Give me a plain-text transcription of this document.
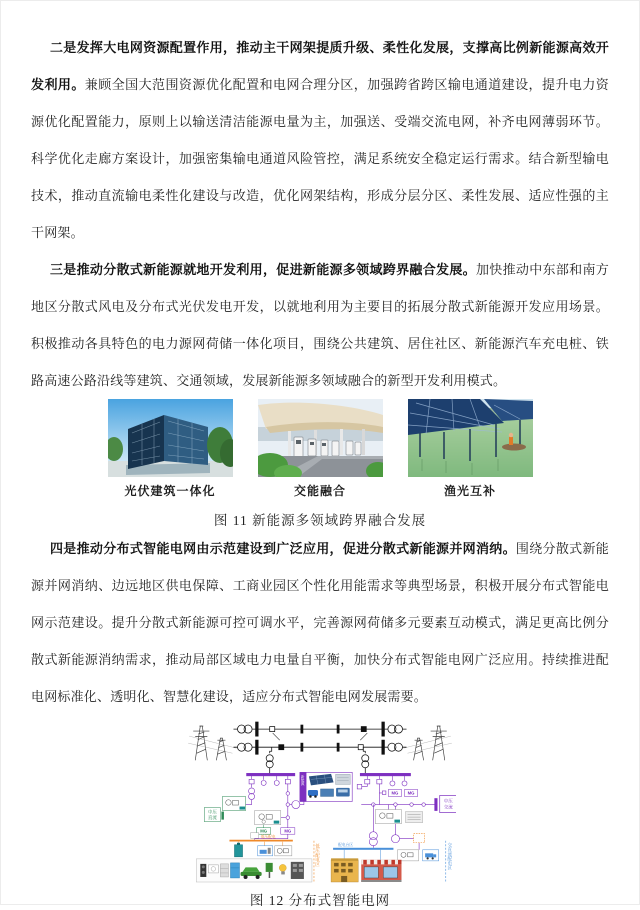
二是发挥大电网资源配置作用，推动主干网架提质升级、柔性化发展，支撑高比例新能源高效开发利用。兼顾全国大范围资源优化配置和电网合理分区，加强跨省跨区输电通道建设，提升电力资源优化配置能力，原则上以输送清洁能源电量为主，加强送、受端交流电网，补齐电网薄弱环节。科学优化走廊方案设计，加强密集输电通道风险管控，满足系统安全稳定运行需求。结合新型输电技术，推动直流输电柔性化建设与改造，优化网架结构，形成分层分区、柔性发展、适应性强的主干网架。

三是推动分散式新能源就地开发利用，促进新能源多领域跨界融合发展。加快推动中东部和南方地区分散式风电及分布式光伏发电开发，以就地利用为主要目的拓展分散式新能源开发应用场景。积极推动各具特色的电力源网荷储一体化项目，围绕公共建筑、居住社区、新能源汽车充电桩、铁路高速公路沿线等建筑、交通领域，发展新能源多领域融合的新型开发利用模式。

光伏建筑一体化	交能融合	渔光互补
图 11 新能源多领域跨界融合发展

四是推动分布式智能电网由示范建设到广泛应用，促进分散式新能源并网消纳。围绕分散式新能源并网消纳、边远地区供电保障、工商业园区个性化用能需求等典型场景，积极开展分布式智能电网示范建设。提升分散式新能源可控可调水平，完善源网荷储多元要素互动模式，满足更高比例分散式新能源消纳需求，推动局部区域电力电量自平衡，加快分布式智能电网广泛应用。持续推进配电网标准化、透明化、智慧化建设，适应分布式智能电网发展需要。

新能源
中压
直流
MG MG
MG MG
中压
交流
低压配电
低压配电区 配电台区	交直流配电区
图 12 分布式智能电网
